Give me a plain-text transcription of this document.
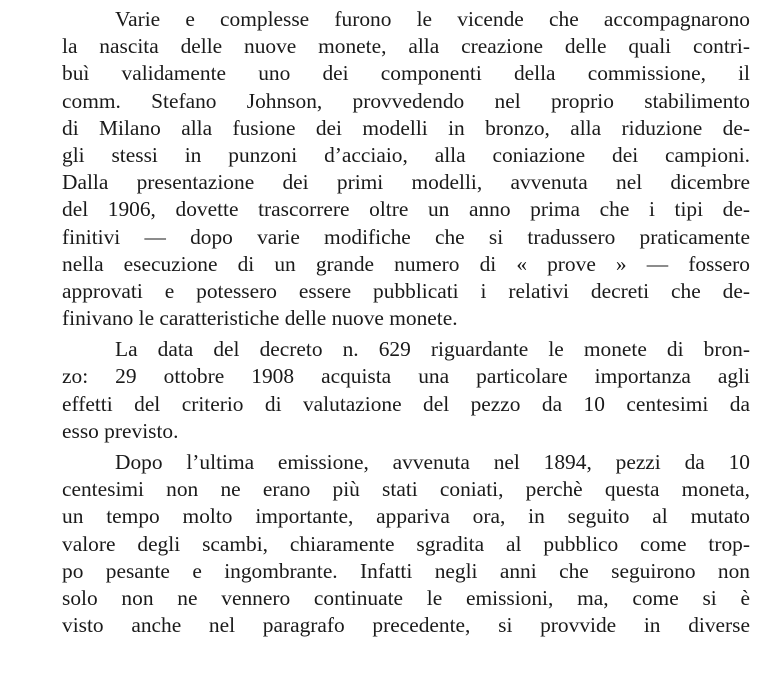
Varie e complesse furono le vicende che accompagnarono
la nascita delle nuove monete, alla creazione delle quali contri-
buì validamente uno dei componenti della commissione, il
comm. Stefano Johnson, provvedendo nel proprio stabilimento
di Milano alla fusione dei modelli in bronzo, alla riduzione de-
gli stessi in punzoni d’acciaio, alla coniazione dei campioni.
Dalla presentazione dei primi modelli, avvenuta nel dicembre
del 1906, dovette trascorrere oltre un anno prima che i tipi de-
finitivi — dopo varie modifiche che si tradussero praticamente
nella esecuzione di un grande numero di « prove » — fossero
approvati e potessero essere pubblicati i relativi decreti che de-
finivano le caratteristiche delle nuove monete.
La data del decreto n. 629 riguardante le monete di bron-
zo: 29 ottobre 1908 acquista una particolare importanza agli
effetti del criterio di valutazione del pezzo da 10 centesimi da
esso previsto.
Dopo l’ultima emissione, avvenuta nel 1894, pezzi da 10
centesimi non ne erano più stati coniati, perchè questa moneta,
un tempo molto importante, appariva ora, in seguito al mutato
valore degli scambi, chiaramente sgradita al pubblico come trop-
po pesante e ingombrante. Infatti negli anni che seguirono non
solo non ne vennero continuate le emissioni, ma, come si è
visto anche nel paragrafo precedente, si provvide in diverse
